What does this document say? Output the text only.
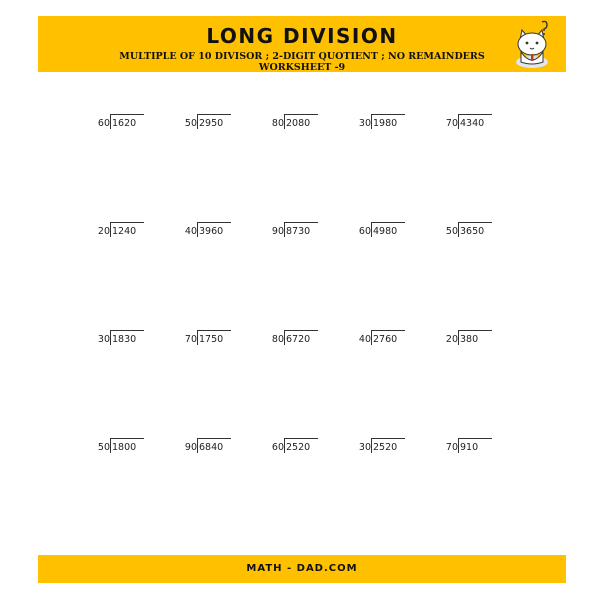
LONG DIVISION
MULTIPLE OF 10 DIVISOR ; 2-DIGIT QUOTIENT ; NO REMAINDERS
WORKSHEET -9
60 1620	50 2950	80 2080	30 1980	70 4340
20 1240	40 3960	90 8730	60 4980	50 3650
30 1830	70 1750	80 6720	40 2760	20 380
50 1800	90 6840	60 2520	30 2520	70 910
MATH - DAD.COM
